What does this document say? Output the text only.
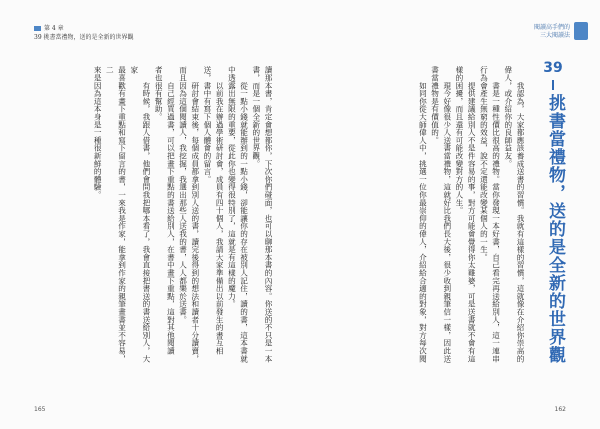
第 4 章
39 挑書當禮物，送的是全新的世界觀
讀那本書，肯定會想都你，下次你們碰面，也可以聊那本書的內容。你送的不只是一本
書，而是一個全新的世界觀。
　　從一點小錢就能辦到的一點小錢，卻能讓你的存在被別人記住，讀的書，這本書就
中透露出無限的重要，從此你也變得很特別了，這就是有這樣的魔力。
　　以前我在辦過學術研討會，成員有四十個人，我請大家準備出以前發生的書互相
送，書中有寫下個人體會的留言。
　　研討會結束後，每個成員都拿到別人送的書，讀完後得到的想法和讀者十分讀賣，
而且因為這個閱讀人，我挖掘，我選出那些人送我的書，人人都樂於送書。
　　自己經買過書，可以把畫下重點的書送給別人，在書中畫下重點，這對其他閱讀
者也很有幫助。
　　有時候，我跟人借書，他們會問我把哪本看了，我會直接把書送的書送給別人，大家
最喜歡有畫下重點和寫下留言的書，一來我是作家，能拿到作家的親筆畫書並不容易，二
來是因為這本身是一種很新鮮的體驗。
165
閱讀高手們的
三大閱讀法
39
挑書當禮物，送的是全新的世界觀
　　我認為，大家都應該養成送書的習慣。我就有這樣的習慣，這就像在介紹你崇高的
偉人，或介紹你的良師益友。
　　書是一種性價比很高的禮物。當你發現一本好書，自己看完再送給別人，這一連串
行為會產生無窮的效益，說不定還能改變某個人的一生。
　　提供建議給別人不是件容易的事，對方可能會覺得你太雞婆，可是送書就不會有這
樣的困擾，而且還有可能改變對方的人生。
　　現今好像很少人送書當禮物，這就好比我們長大後，很少收到親筆信一樣，因此送
書當禮物是有價值的。
　　如同你從大師偉人中，挑選一位你最崇仰的偉人，介紹給合適的對象，對方每次閱
162
